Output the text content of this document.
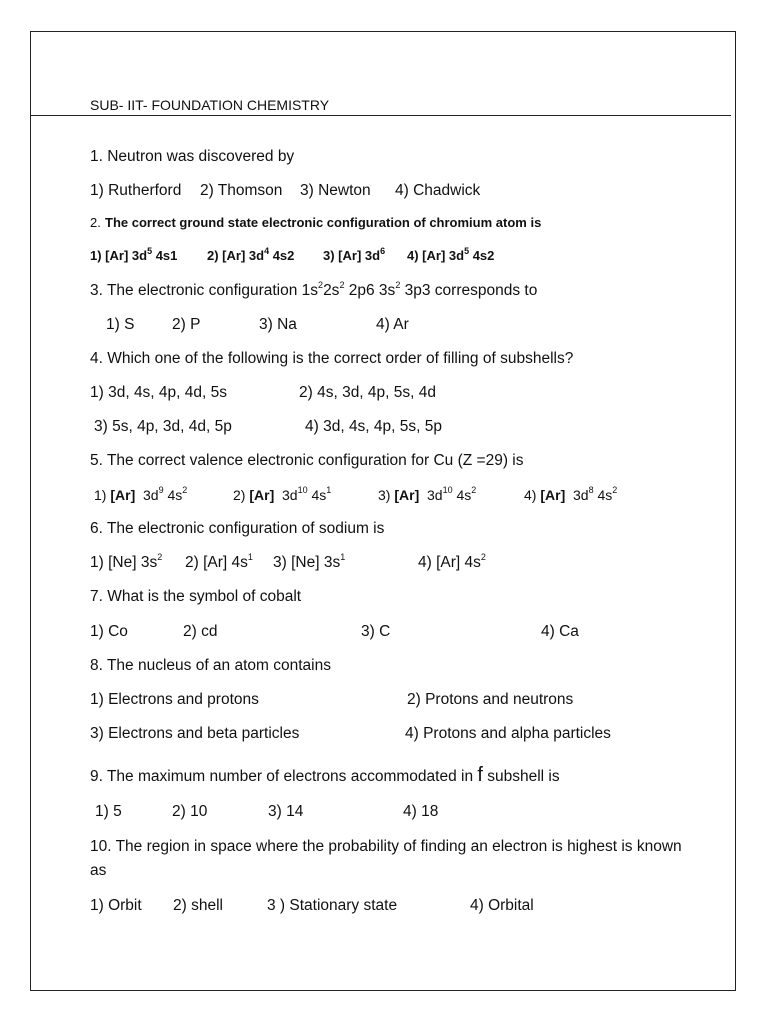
SUB- IIT- FOUNDATION CHEMISTRY
1. Neutron was discovered by
1) Rutherford 2) Thomson 3) Newton 4) Chadwick
2. The correct ground state electronic configuration of chromium atom is
1) [Ar] $3d^5$ 4s1 2) [Ar] $3d^4$ 4s2 3) [Ar] $3d^6$ 4) [Ar] $3d^5$ 4s2
3. The electronic configuration $1s^22s^2$ 2p6 $3s^2$ 3p3 corresponds to
1) S 2) P	3) Na	4) Ar
4. Which one of the following is the correct order of filling of subshells?
1) 3d, 4s, 4p, 4d, 5s	2) 4s, 3d, 4p, 5s, 4d
3) 5s, 4p, 3d, 4d, 5p	4) 3d, 4s, 4p, 5s, 5p
5. The correct valence electronic configuration for Cu (Z =29) is
1) [Ar] $3d^9$ $4s^2$	2) [Ar] $3d^{10}$ $4s^1$	3) [Ar] $3d^{10}$ $4s^2$	4) [Ar] $3d^8$ $4s^2$
6. The electronic configuration of sodium is
1) [Ne] $3s^2$ 2) [Ar] $4s^1$ 3) [Ne] $3s^1$	4) [Ar] $4s^2$
7. What is the symbol of cobalt
1) Co	2) cd	3) C	4) Ca
8. The nucleus of an atom contains
1) Electrons and protons	2) Protons and neutrons
3) Electrons and beta particles	4) Protons and alpha particles
9. The maximum number of electrons accommodated in f subshell is
1) 5	2) 10	3) 14	4) 18
10. The region in space where the probability of finding an electron is highest is known as
1) Orbit 2) shell	3 ) Stationary state	4) Orbital
